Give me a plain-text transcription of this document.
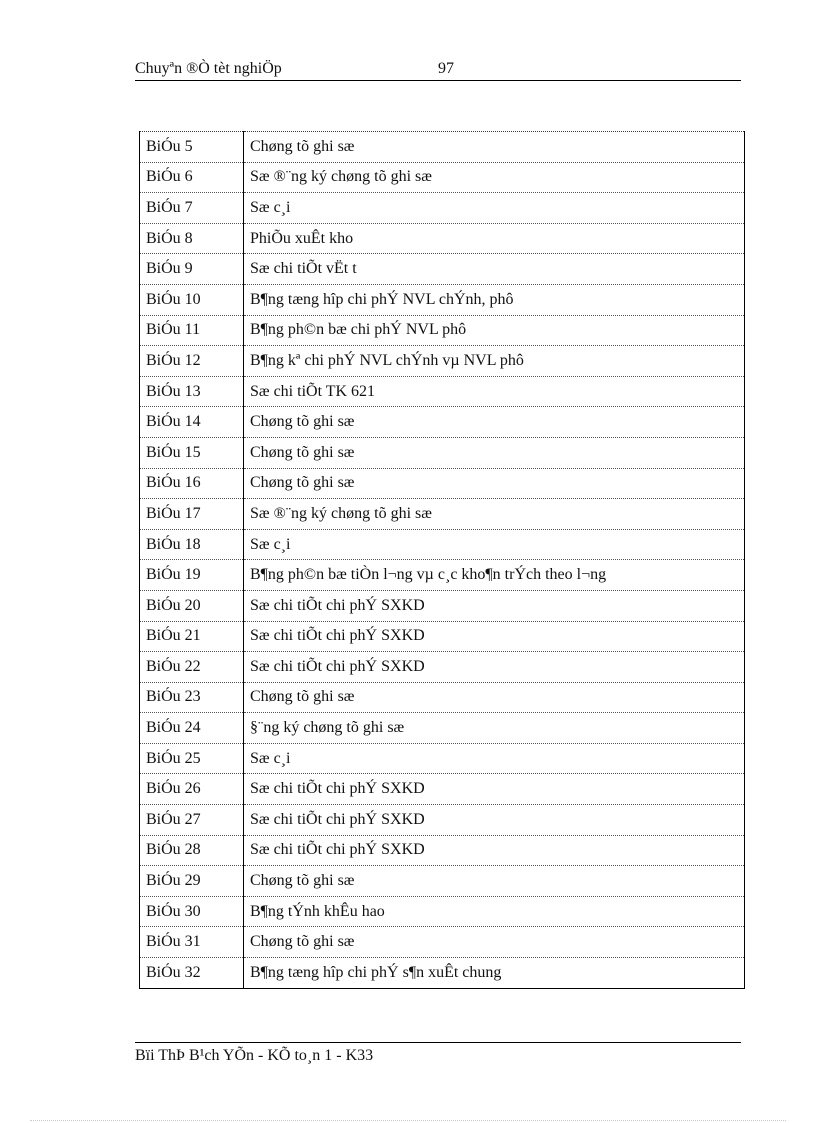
Chuyªn ®Ò tèt nghiÖp	97
BiÓu 5	Chøng tõ ghi sæ
BiÓu 6	Sæ ®¨ng ký chøng tõ ghi sæ
BiÓu 7	Sæ c¸i
BiÓu 8	PhiÕu xuÊt kho
BiÓu 9	Sæ chi tiÕt vËt t
BiÓu 10	B¶ng tæng hîp chi phÝ NVL chÝnh, phô
BiÓu 11	B¶ng ph©n bæ chi phÝ NVL phô
BiÓu 12	B¶ng kª chi phÝ NVL chÝnh vµ NVL phô
BiÓu 13	Sæ chi tiÕt TK 621
BiÓu 14	Chøng tõ ghi sæ
BiÓu 15	Chøng tõ ghi sæ
BiÓu 16	Chøng tõ ghi sæ
BiÓu 17	Sæ ®¨ng ký chøng tõ ghi sæ
BiÓu 18	Sæ c¸i
BiÓu 19	B¶ng ph©n bæ tiÒn l¬ng vµ c¸c kho¶n trÝch theo l¬ng
BiÓu 20	Sæ chi tiÕt chi phÝ SXKD
BiÓu 21	Sæ chi tiÕt chi phÝ SXKD
BiÓu 22	Sæ chi tiÕt chi phÝ SXKD
BiÓu 23	Chøng tõ ghi sæ
BiÓu 24	§¨ng ký chøng tõ ghi sæ
BiÓu 25	Sæ c¸i
BiÓu 26	Sæ chi tiÕt chi phÝ SXKD
BiÓu 27	Sæ chi tiÕt chi phÝ SXKD
BiÓu 28	Sæ chi tiÕt chi phÝ SXKD
BiÓu 29	Chøng tõ ghi sæ
BiÓu 30	B¶ng tÝnh khÊu hao
BiÓu 31	Chøng tõ ghi sæ
BiÓu 32	B¶ng tæng hîp chi phÝ s¶n xuÊt chung
Bïi ThÞ B¹ch YÕn - KÕ to¸n 1 - K33
